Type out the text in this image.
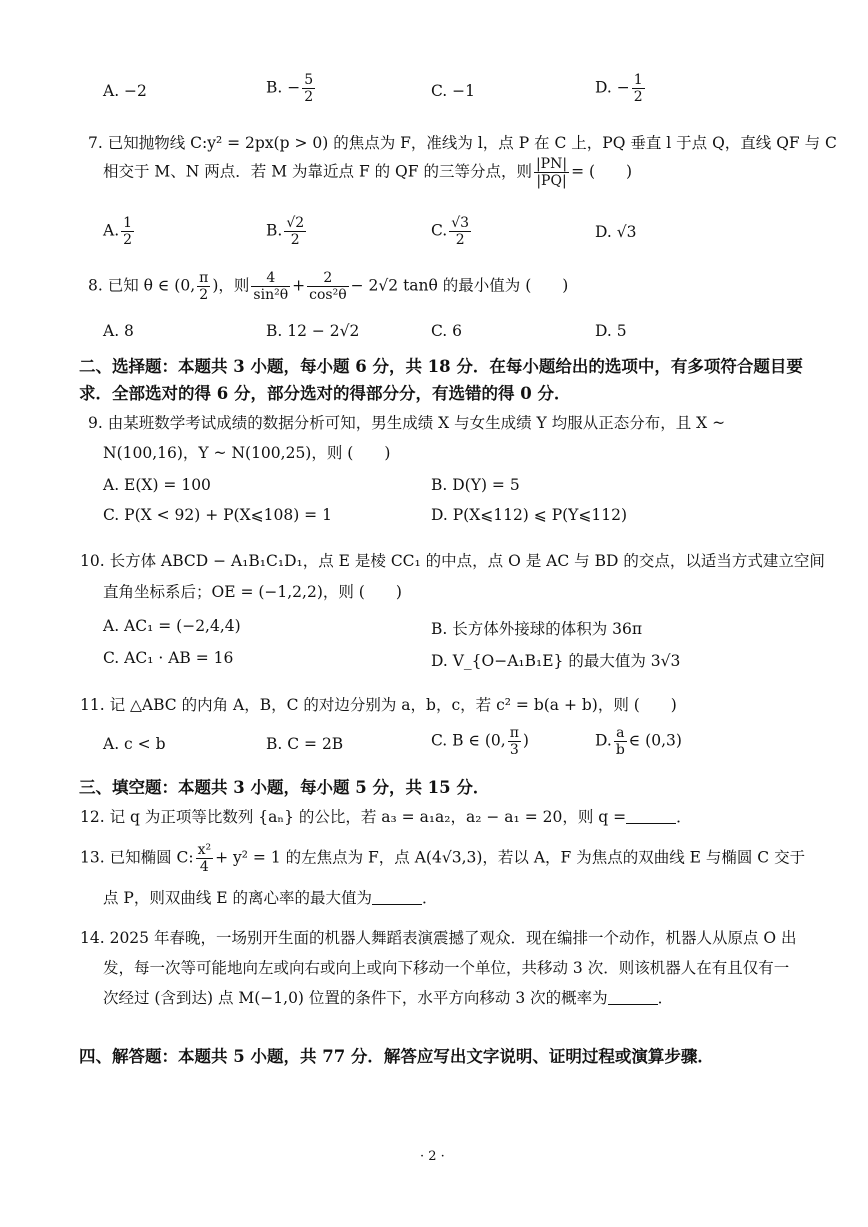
A. −2	B. − $\frac{5}{2}$	C. −1	D. − $\frac{1}{2}$
7. 已知抛物线 C:y² = 2px(p > 0) 的焦点为 F，准线为 l，点 P 在 C 上，PQ 垂直 l 于点 Q，直线 QF 与 C
相交于 M、N 两点．若 M 为靠近点 F 的 QF 的三等分点，则 $\frac{|PN|}{|PQ|}$ = (　　)
A. $\frac{1}{2}$	B. $\frac{√2}{2}$	C. $\frac{√3}{2}$	D. √3
8. 已知 θ ∈ (0, $\frac{\pi}{2}$ )，则 $\frac{4}{\text{sin²θ}} + \frac{2}{\text{cos²θ}} - 2√2$ tanθ 的最小值为 (　　)
A. 8	B. 12 − 2√2	C. 6	D. 5
二、选择题：本题共 3 小题，每小题 6 分，共 18 分．在每小题给出的选项中，有多项符合题目要
求．全部选对的得 6 分，部分选对的得部分分，有选错的得 0 分．
9. 由某班数学考试成绩的数据分析可知，男生成绩 X 与女生成绩 Y 均服从正态分布，且 X ~
N(100,16)，Y ~ N(100,25)，则 (　　)
A. E(X) = 100	B. D(Y) = 5
C. P(X < 92) + P(X⩽108) = 1	D. P(X⩽112) ⩽ P(Y⩽112)
10. 长方体 ABCD − A₁B₁C₁D₁，点 E 是棱 CC₁ 的中点，点 O 是 AC 与 BD 的交点，以适当方式建立空间
直角坐标系后；OE = (−1,2,2)，则 (　　)
A. AC₁ = (−2,4,4)	B. 长方体外接球的体积为 36π
C. AC₁ · AB = 16	D. V_{O−A₁B₁E} 的最大值为 3√3
11. 记 △ABC 的内角 A，B，C 的对边分别为 a，b，c，若 c² = b(a + b)，则 (　　)
A. c < b	B. C = 2B	C. B ∈ (0, $\frac{\pi}{3}$ )	D. $\frac{a}{b}$ ∈ (0,3)
三、填空题：本题共 3 小题，每小题 5 分，共 15 分．
12. 记 q 为正项等比数列 {aₙ} 的公比，若 a₃ = a₁a₂，a₂ − a₁ = 20，则 q =	．
13. 已知椭圆 C: $\frac{\text{x²}}{4} + y^2 = 1$ 的左焦点为 F，点 A(4√3,3)，若以 A，F 为焦点的双曲线 E 与椭圆 C 交于
点 P，则双曲线 E 的离心率的最大值为	．
14. 2025 年春晚，一场别开生面的机器人舞蹈表演震撼了观众．现在编排一个动作，机器人从原点 O 出
发，每一次等可能地向左或向右或向上或向下移动一个单位，共移动 3 次．则该机器人在有且仅有一
次经过 (含到达) 点 M(−1,0) 位置的条件下，水平方向移动 3 次的概率为	．
四、解答题：本题共 5 小题，共 77 分．解答应写出文字说明、证明过程或演算步骤．
· 2 ·
